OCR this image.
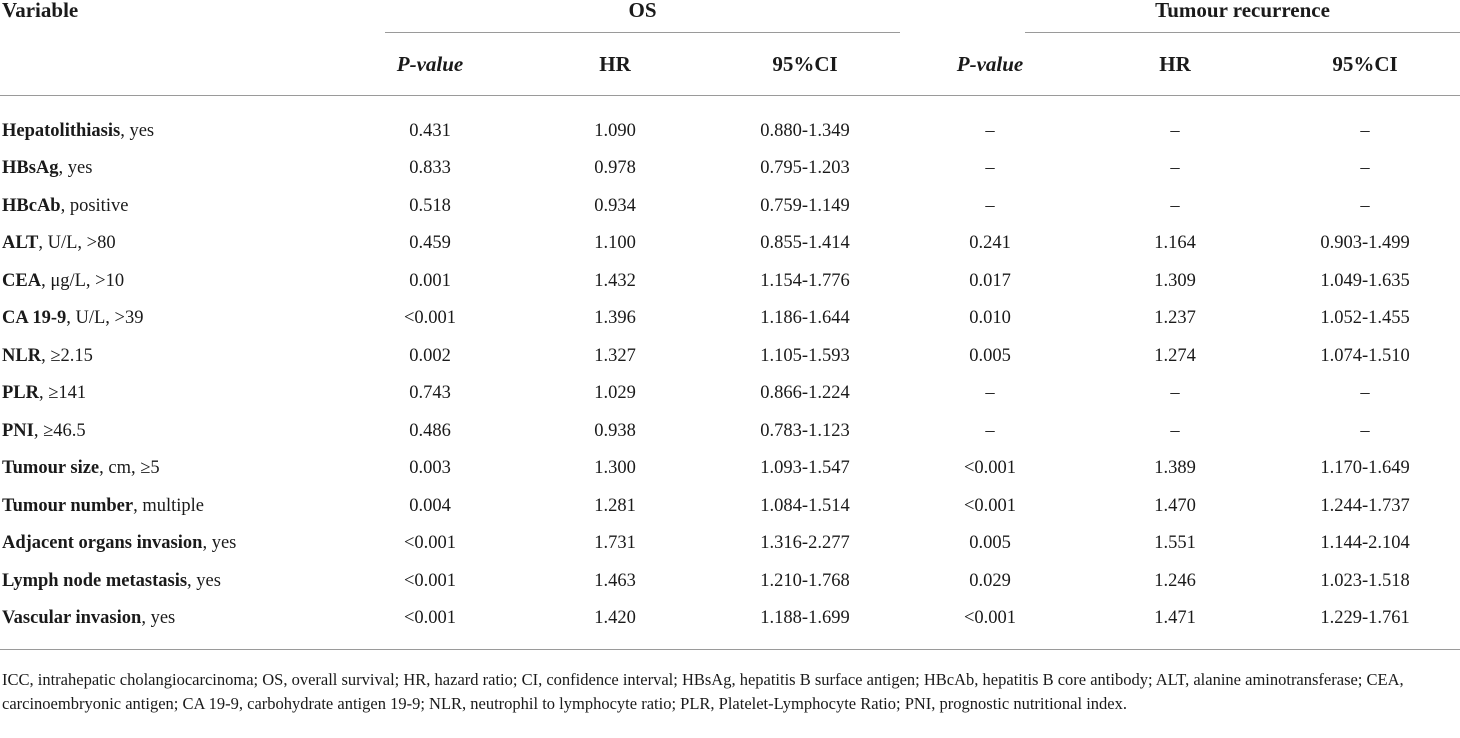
Variable	OS			Tumour recurrence		

	P-value	HR	95%CI	P-value	HR	95%CI

Hepatolithiasis, yes	0.431	1.090	0.880-1.349	–	–	–
HBsAg, yes	0.833	0.978	0.795-1.203	–	–	–
HBcAb, positive	0.518	0.934	0.759-1.149	–	–	–
ALT, U/L, >80	0.459	1.100	0.855-1.414	0.241	1.164	0.903-1.499
CEA, μg/L, >10	0.001	1.432	1.154-1.776	0.017	1.309	1.049-1.635
CA 19-9, U/L, >39	<0.001	1.396	1.186-1.644	0.010	1.237	1.052-1.455
NLR, ≥2.15	0.002	1.327	1.105-1.593	0.005	1.274	1.074-1.510
PLR, ≥141	0.743	1.029	0.866-1.224	–	–	–
PNI, ≥46.5	0.486	0.938	0.783-1.123	–	–	–
Tumour size, cm, ≥5	0.003	1.300	1.093-1.547	<0.001	1.389	1.170-1.649
Tumour number, multiple	0.004	1.281	1.084-1.514	<0.001	1.470	1.244-1.737
Adjacent organs invasion, yes	<0.001	1.731	1.316-2.277	0.005	1.551	1.144-2.104
Lymph node metastasis, yes	<0.001	1.463	1.210-1.768	0.029	1.246	1.023-1.518
Vascular invasion, yes	<0.001	1.420	1.188-1.699	<0.001	1.471	1.229-1.761

ICC, intrahepatic cholangiocarcinoma; OS, overall survival; HR, hazard ratio; CI, confidence interval; HBsAg, hepatitis B surface antigen; HBcAb, hepatitis B core antibody; ALT, alanine aminotransferase; CEA, carcinoembryonic antigen; CA 19-9, carbohydrate antigen 19-9; NLR, neutrophil to lymphocyte ratio; PLR, Platelet-Lymphocyte Ratio; PNI, prognostic nutritional index.
